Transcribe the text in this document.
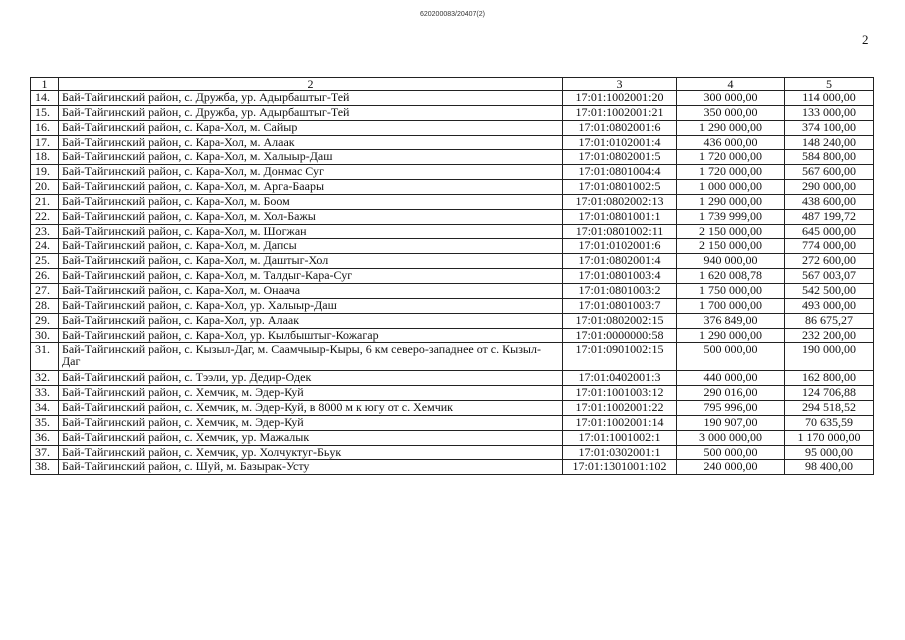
620200083/20407(2)
2
1	2	3	4	5
14.	Бай-Тайгинский район, с. Дружба, ур. Адырбаштыг-Тей	17:01:1002001:20	300 000,00	114 000,00
15.	Бай-Тайгинский район, с. Дружба, ур. Адырбаштыг-Тей	17:01:1002001:21	350 000,00	133 000,00
16.	Бай-Тайгинский район, с. Кара-Хол, м. Сайыр	17:01:0802001:6	1 290 000,00	374 100,00
17.	Бай-Тайгинский район, с. Кара-Хол, м. Алаак	17:01:0102001:4	436 000,00	148 240,00
18.	Бай-Тайгинский район, с. Кара-Хол, м. Халыыр-Даш	17:01:0802001:5	1 720 000,00	584 800,00
19.	Бай-Тайгинский район, с. Кара-Хол, м. Донмас Суг	17:01:0801004:4	1 720 000,00	567 600,00
20.	Бай-Тайгинский район, с. Кара-Хол, м. Арга-Баары	17:01:0801002:5	1 000 000,00	290 000,00
21.	Бай-Тайгинский район, с. Кара-Хол, м. Боом	17:01:0802002:13	1 290 000,00	438 600,00
22.	Бай-Тайгинский район, с. Кара-Хол, м. Хол-Бажы	17:01:0801001:1	1 739 999,00	487 199,72
23.	Бай-Тайгинский район, с. Кара-Хол, м. Шогжан	17:01:0801002:11	2 150 000,00	645 000,00
24.	Бай-Тайгинский район, с. Кара-Хол, м. Дапсы	17:01:0102001:6	2 150 000,00	774 000,00
25.	Бай-Тайгинский район, с. Кара-Хол, м. Даштыг-Хол	17:01:0802001:4	940 000,00	272 600,00
26.	Бай-Тайгинский район, с. Кара-Хол, м. Талдыг-Кара-Суг	17:01:0801003:4	1 620 008,78	567 003,07
27.	Бай-Тайгинский район, с. Кара-Хол, м. Онаача	17:01:0801003:2	1 750 000,00	542 500,00
28.	Бай-Тайгинский район, с. Кара-Хол, ур. Халыыр-Даш	17:01:0801003:7	1 700 000,00	493 000,00
29.	Бай-Тайгинский район, с. Кара-Хол, ур. Алаак	17:01:0802002:15	376 849,00	86 675,27
30.	Бай-Тайгинский район, с. Кара-Хол, ур. Кылбыштыг-Кожагар	17:01:0000000:58	1 290 000,00	232 200,00
31.	Бай-Тайгинский район, с. Кызыл-Даг, м. Саамчыыр-Кыры, 6 км северо-западнее от с. Кызыл-Даг	17:01:0901002:15	500 000,00	190 000,00
32.	Бай-Тайгинский район, с. Тээли, ур. Дедир-Одек	17:01:0402001:3	440 000,00	162 800,00
33.	Бай-Тайгинский район, с. Хемчик, м. Эдер-Куй	17:01:1001003:12	290 016,00	124 706,88
34.	Бай-Тайгинский район, с. Хемчик, м. Эдер-Куй, в 8000 м к югу от с. Хемчик	17:01:1002001:22	795 996,00	294 518,52
35.	Бай-Тайгинский район, с. Хемчик, м. Эдер-Куй	17:01:1002001:14	190 907,00	70 635,59
36.	Бай-Тайгинский район, с. Хемчик, ур. Мажалык	17:01:1001002:1	3 000 000,00	1 170 000,00
37.	Бай-Тайгинский район, с. Хемчик, ур. Холчуктуг-Бьук	17:01:0302001:1	500 000,00	95 000,00
38.	Бай-Тайгинский район, с. Шуй, м. Базырак-Усту	17:01:1301001:102	240 000,00	98 400,00
